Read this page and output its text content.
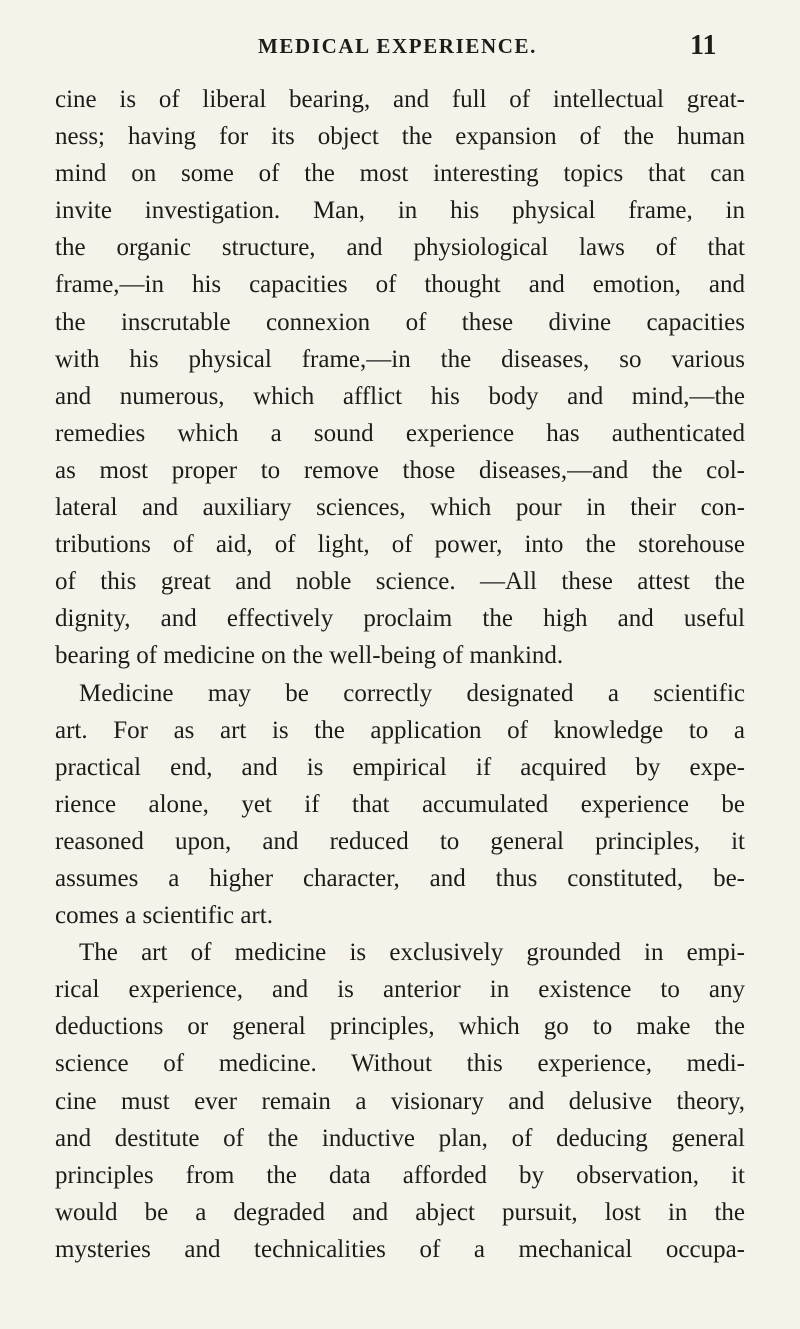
MEDICAL EXPERIENCE.	11
cine is of liberal bearing, and full of intellectual great-
ness; having for its object the expansion of the human
mind on some of the most interesting topics that can
invite investigation. Man, in his physical frame, in
the organic structure, and physiological laws of that
frame,—in his capacities of thought and emotion, and
the inscrutable connexion of these divine capacities
with his physical frame,—in the diseases, so various
and numerous, which afflict his body and mind,—the
remedies which a sound experience has authenticated
as most proper to remove those diseases,—and the col-
lateral and auxiliary sciences, which pour in their con-
tributions of aid, of light, of power, into the storehouse
of this great and noble science. —All these attest the
dignity, and effectively proclaim the high and useful
bearing of medicine on the well-being of mankind.
Medicine may be correctly designated a scientific
art. For as art is the application of knowledge to a
practical end, and is empirical if acquired by expe-
rience alone, yet if that accumulated experience be
reasoned upon, and reduced to general principles, it
assumes a higher character, and thus constituted, be-
comes a scientific art.
The art of medicine is exclusively grounded in empi-
rical experience, and is anterior in existence to any
deductions or general principles, which go to make the
science of medicine. Without this experience, medi-
cine must ever remain a visionary and delusive theory,
and destitute of the inductive plan, of deducing general
principles from the data afforded by observation, it
would be a degraded and abject pursuit, lost in the
mysteries and technicalities of a mechanical occupa-
